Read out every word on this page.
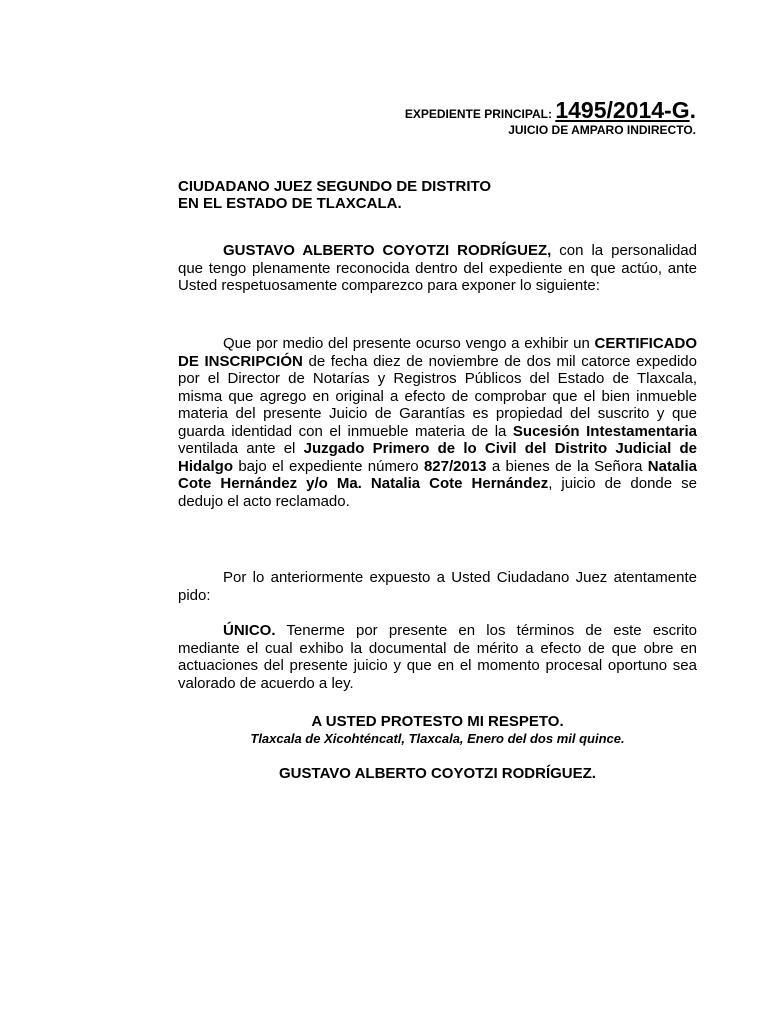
EXPEDIENTE PRINCIPAL: 1495/2014-G.
JUICIO DE AMPARO INDIRECTO.
CIUDADANO JUEZ SEGUNDO DE DISTRITO
EN EL ESTADO DE TLAXCALA.

GUSTAVO ALBERTO COYOTZI RODRÍGUEZ, con la personalidad que tengo plenamente reconocida dentro del expediente en que actúo, ante Usted respetuosamente comparezco para exponer lo siguiente:

Que por medio del presente ocurso vengo a exhibir un CERTIFICADO DE INSCRIPCIÓN de fecha diez de noviembre de dos mil catorce expedido por el Director de Notarías y Registros Públicos del Estado de Tlaxcala, misma que agrego en original a efecto de comprobar que el bien inmueble materia del presente Juicio de Garantías es propiedad del suscrito y que guarda identidad con el inmueble materia de la Sucesión Intestamentaria ventilada ante el Juzgado Primero de lo Civil del Distrito Judicial de Hidalgo bajo el expediente número 827/2013 a bienes de la Señora Natalia Cote Hernández y/o Ma. Natalia Cote Hernández, juicio de donde se dedujo el acto reclamado.

Por lo anteriormente expuesto a Usted Ciudadano Juez atentamente pido:

ÚNICO. Tenerme por presente en los términos de este escrito mediante el cual exhibo la documental de mérito a efecto de que obre en actuaciones del presente juicio y que en el momento procesal oportuno sea valorado de acuerdo a ley.

A USTED PROTESTO MI RESPETO.
Tlaxcala de Xicohténcatl, Tlaxcala, Enero del dos mil quince.
GUSTAVO ALBERTO COYOTZI RODRÍGUEZ.
